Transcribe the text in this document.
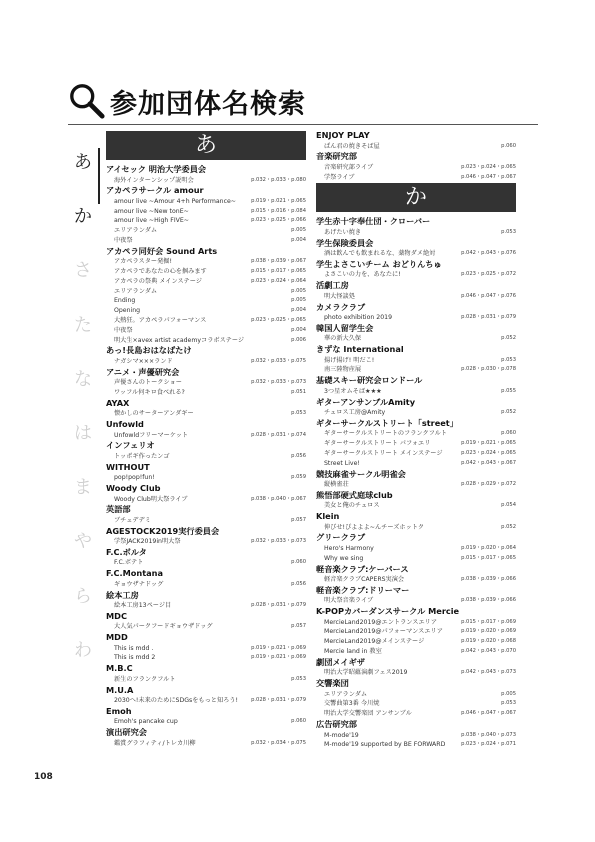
参加団体名検索
あ
か
さ
た
な
は
ま
や
ら
わ
あ
アイセック 明治大学委員会
海外インターンシップ説明会	p.032・p.033・p.080
アカペラサークル amour
amour live ~Amour 4+h Performance~	p.019・p.021・p.065
amour live ~New tonE~	p.015・p.016・p.084
amour live ~High FIVE~	p.023・p.025・p.066
エリアランダム	p.005
中夜祭	p.004
アカペラ同好会 Sound Arts
アカペラスター発掘!	p.038・p.039・p.067
アカペラであなたの心を掴みます	p.015・p.017・p.065
アカペラの祭典 メインステージ	p.023・p.024・p.064
エリアランダム	p.005
Ending	p.005
Opening	p.004
大熱狂。アカペラパフォーマンス	p.023・p.025・p.065
中夜祭	p.004
明大生×avex artist academyコラボステージ	p.006
あっ!長島おはなばたけ
ナガシマ×××ランド	p.032・p.033・p.075
アニメ・声優研究会
声優さんのトークショー	p.032・p.033・p.073
ワッフル何キロ食べれる?	p.051
AYAX
懐かしのサーターアンダギー	p.053
Unfowld
Unfowldフリーマーケット	p.028・p.031・p.074
インフェリオ
トッポギ作ったンゴ	p.056
WITHOUT
pop!pop!fun!	p.059
Woody Club
Woody Club明大祭ライブ	p.038・p.040・p.067
英語部
ブチュデデミ	p.057
AGESTOCK2019実行委員会
学祭JACK2019in明大祭	p.032・p.033・p.073
F.C.ボルタ
F.C.ボテト	p.060
F.C.Montana
ギョウザナドッグ	p.056
絵本工房
絵本工房13ページ目	p.028・p.031・p.079
MDC
大人気パークフードギョウザドッグ	p.057
MDD
This is mdd .	p.019・p.021・p.069
This is mdd 2	p.019・p.021・p.069
M.B.C
新生のフランクフルト	p.053
M.U.A
2030へ!未来のためにSDGsをもっと知ろう!	p.028・p.031・p.079
Emoh
Emoh's pancake cup	p.060
演出研究会
鑑賞グラフィティ/トレカ川柳	p.032・p.034・p.075
ENJOY PLAY
ぱん君の焼きそば屋	p.060
音楽研究部
音楽研究部ライブ	p.023・p.024・p.065
学祭ライブ	p.046・p.047・p.067
か
学生赤十字奉仕団・クローバー
あげたい焼き	p.053
学生保険委員会
酒は飲んでも飲まれるな、薬物ダメ絶対	p.042・p.043・p.076
学生よさこいチーム おどりんちゅ
よさこいの力を、あなたに!	p.023・p.025・p.072
活劇工房
明大怪談処	p.046・p.047・p.076
カメラクラブ
photo exhibition 2019	p.028・p.031・p.079
韓国人留学生会
華の新大久保	p.052
きずな International
揚げ揚げ! 明だこ!	p.053
南三陸物産展	p.028・p.030・p.078
基礎スキー研究会ロンドール
3つ星オムそば★★★	p.055
ギターアンサンブルAmity
チュロス工房@Amity	p.052
ギターサークルストリート「street」
ギターサークルストリートのフランクフルト	p.060
ギターサークルストリート パフォエリ	p.019・p.021・p.065
ギターサークルストリート メインステージ	p.023・p.024・p.065
Street Live!	p.042・p.043・p.067
競技麻雀サークル明雀会
縦横雀荘	p.028・p.029・p.072
熊悟部硬式庭球club
美女と俺のチュロス	p.054
Klein
伸びせ!ぴよよよ~んチーズホットク	p.052
グリークラブ
Hero's Harmony	p.019・p.020・p.064
Why we sing	p.015・p.017・p.065
軽音楽クラブ:ケーパース
軽音楽クラブCAPERS実演会	p.038・p.039・p.066
軽音楽クラブ:ドリーマー
明大祭音楽ライブ	p.038・p.039・p.066
K-POPカバーダンスサークル Mercie
MercieLand2019@エントランスエリア	p.015・p.017・p.069
MercieLand2019@パフォーマンスエリア	p.019・p.020・p.069
MercieLand2019@メインステージ	p.019・p.020・p.068
Mercie land in 教室	p.042・p.043・p.070
劇団メイギザ
明治大学昭蘊演劇フェス2019	p.042・p.043・p.073
交響楽団
エリアランダム	p.005
交響曲第3番 今川焼	p.053
明治大学交響楽団 アンサンブル	p.046・p.047・p.067
広告研究部
M-mode'19	p.038・p.040・p.073
M-mode'19 supported by BE FORWARD	p.023・p.024・p.071
108
